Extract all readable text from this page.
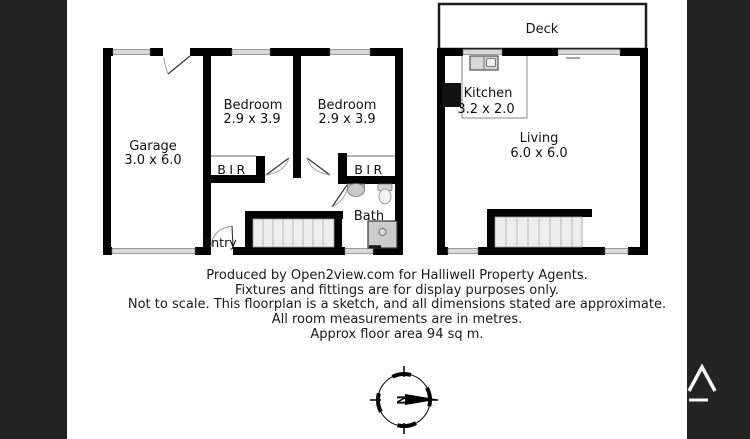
Garage
3.0 x 6.0
Bedroom
2.9 x 3.9
Bedroom
2.9 x 3.9
BIR	BIR
Entry
Bath
Deck
Kitchen
3.2 x 2.0
Living
6.0 x 6.0
N
Produced by Open2view.com for Halliwell Property Agents.
Fixtures and fittings are for display purposes only.
Not to scale. This floorplan is a sketch, and all dimensions stated are approximate.
All room measurements are in metres.
Approx floor area 94 sq m.
